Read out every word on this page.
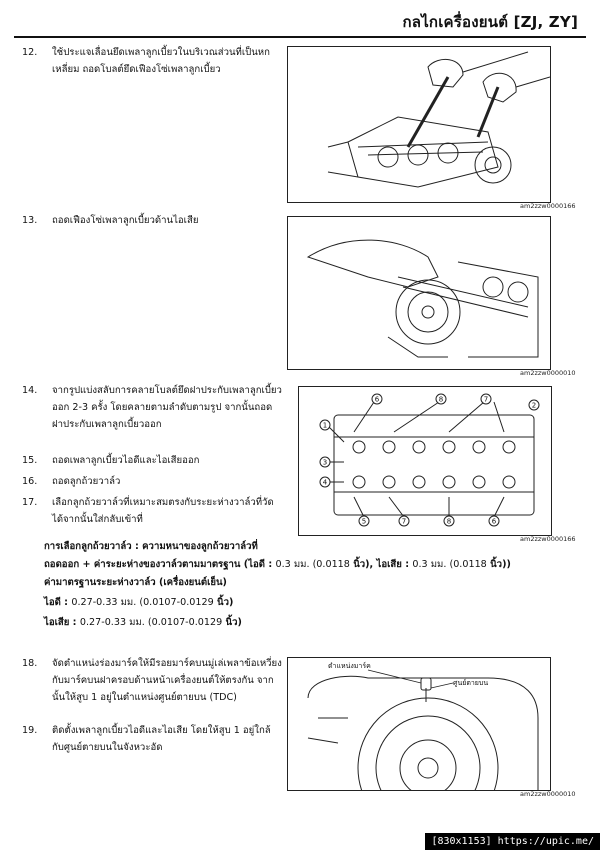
กลไกเครื่องยนต์ [ZJ, ZY]
12.	ใช้ประแจเลื่อนยึดเพลาลูกเบี้ยวในบริเวณส่วนที่เป็นหกเหลี่ยม ถอดโบลต์ยึดเฟืองโซ่เพลาลูกเบี้ยว
am2zzw0000166
13.	ถอดเฟืองโซ่เพลาลูกเบี้ยวด้านไอเสีย
am2zzw0000010
14.	จากรูปแบ่งสลับการคลายโบลต์ยึดฝาประกับเพลาลูกเบี้ยวออก 2-3 ครั้ง โดยคลายตามลำดับตามรูป จากนั้นถอดฝาประกับเพลาลูกเบี้ยวออก
15.	ถอดเพลาลูกเบี้ยวไอดีและไอเสียออก
16.	ถอดลูกถ้วยวาล์ว
17.	เลือกลูกถ้วยวาล์วที่เหมาะสมตรงกับระยะห่างวาล์วที่วัดได้จากนั้นใส่กลับเข้าที่
6	8	7
1
3
4
5	7	8	6
2
am2zzw0000166
การเลือกลูกถ้วยวาล์ว : ความหนาของลูกถ้วยวาล์วที่
ถอดออก + ค่าระยะห่างของวาล์วตามมาตรฐาน (ไอดี : 0.3 มม. (0.0118 นิ้ว), ไอเสีย : 0.3 มม. (0.0118 นิ้ว))
ค่ามาตรฐานระยะห่างวาล์ว (เครื่องยนต์เย็น)
ไอดี : 0.27-0.33 มม. (0.0107-0.0129 นิ้ว)
ไอเสีย : 0.27-0.33 มม. (0.0107-0.0129 นิ้ว)
18.	จัดตำแหน่งร่องมาร์คให้มีรอยมาร์คบนมู่เล่เพลาข้อเหวี่ยงกับมาร์คบนฝาครอบด้านหน้าเครื่องยนต์ให้ตรงกัน จากนั้นให้สูบ 1 อยู่ในตำแหน่งศูนย์ตายบน (TDC)
19.	ติดตั้งเพลาลูกเบี้ยวไอดีและไอเสีย โดยให้สูบ 1 อยู่ใกล้กับศูนย์ตายบนในจังหวะอัด
ตำแหน่งมาร์ค
ศูนย์ตายบน
am2zzw0000010
[830x1153] https://upic.me/
